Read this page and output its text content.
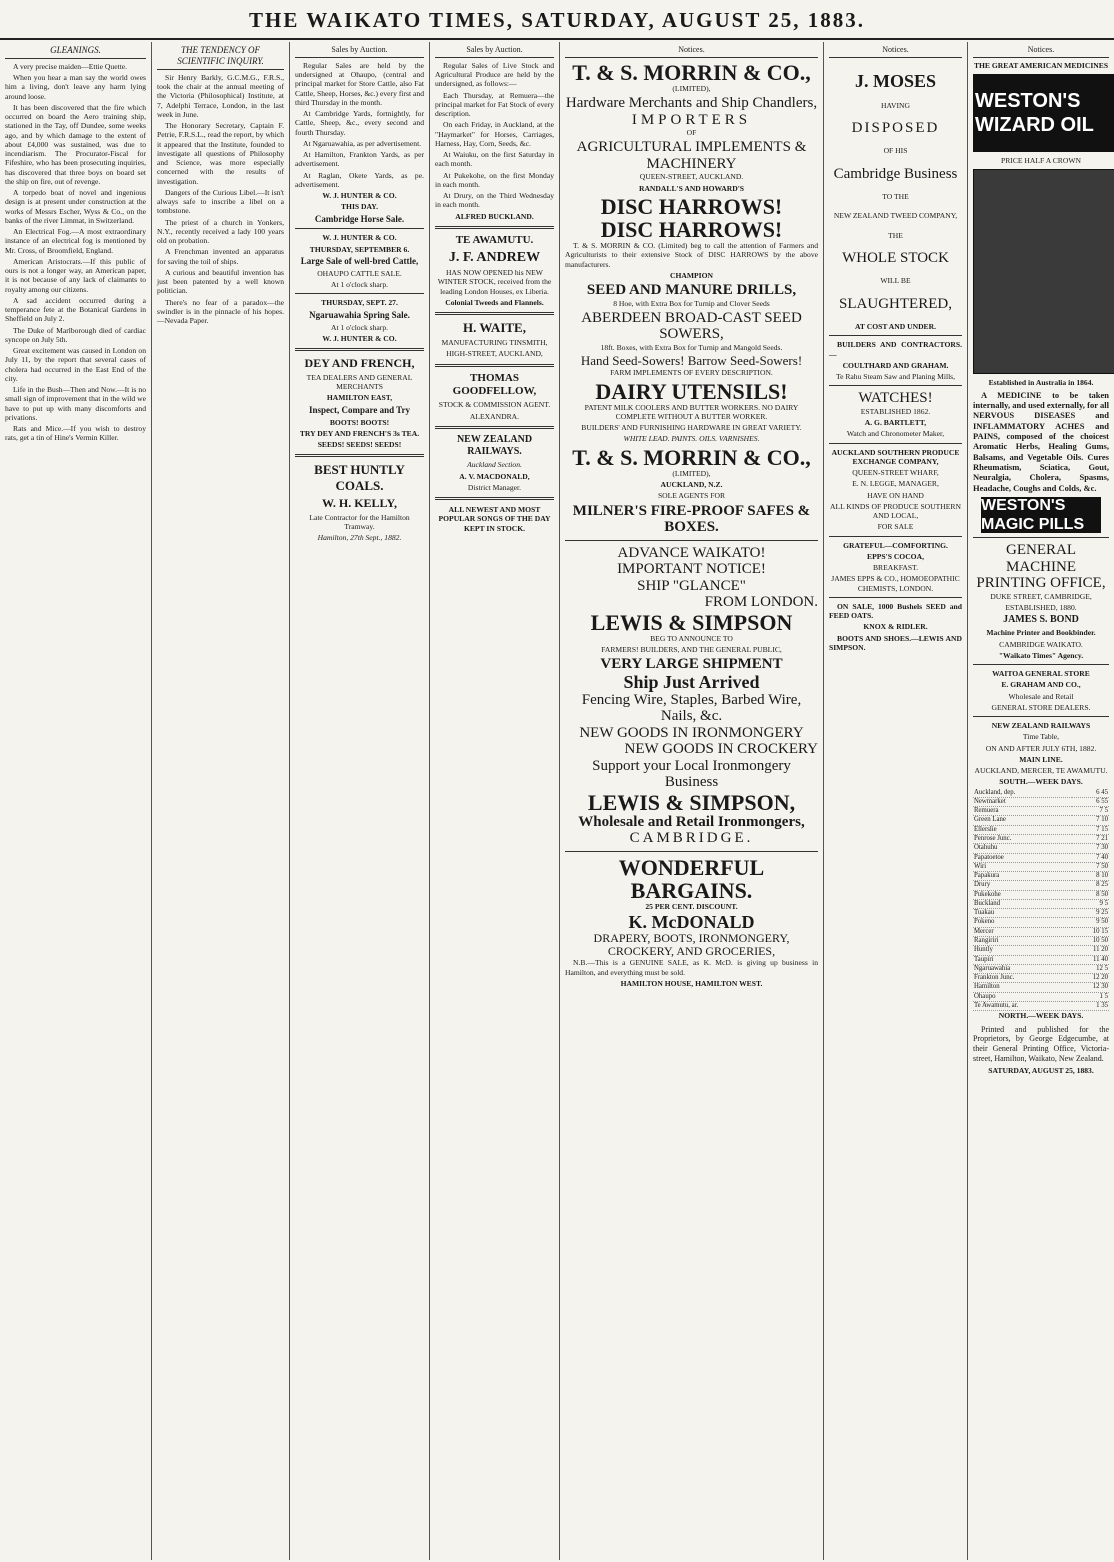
THE WAIKATO TIMES, SATURDAY, AUGUST 25, 1883.
GLEANINGS.

A very precise maiden—Ettie Quette.

When you hear a man say the world owes him a living, don't leave any harm lying around loose.

It has been discovered that the fire which occurred on board the Aero training ship, stationed in the Tay, off Dundee, some weeks ago, and by which damage to the extent of about £4,000 was sustained, was due to incendiarism. The Procurator-Fiscal for Fifeshire, who has been prosecuting inquiries, has discovered that three boys on board set the ship on fire, out of revenge.

A torpedo boat of novel and ingenious design is at present under construction at the works of Messrs Escher, Wyss & Co., on the banks of the river Limmat, in Switzerland.

An Electrical Fog.—A most extraordinary instance of an electrical fog is mentioned by Mr. Cross, of Broomfield, England.

American Aristocrats.—If this public of ours is not a longer way, an American paper, it is not because of any lack of claimants to royalty among our citizens.

A sad accident occurred during a temperance fete at the Botanical Gardens in Sheffield on July 2.

The Duke of Marlborough died of cardiac syncope on July 5th.

Great excitement was caused in London on July 11, by the report that several cases of cholera had occurred in the East End of the city.

Life in the Bush—Then and Now.—It is no small sign of improvement that in the wild we have to put up with many discomforts and privations.

Rats and Mice.—If you wish to destroy rats, get a tin of Hine's Vermin Killer.

THE TENDENCY OF SCIENTIFIC INQUIRY.

Sir Henry Barkly, G.C.M.G., F.R.S., took the chair at the annual meeting of the Victoria (Philosophical) Institute, at 7, Adelphi Terrace, London, in the last week in June.

The Honorary Secretary, Captain F. Petrie, F.R.S.L., read the report, by which it appeared that the Institute, founded to investigate all questions of Philosophy and Science, was more especially concerned with the results of investigation.

Dangers of the Curious Libel.—It isn't always safe to inscribe a libel on a tombstone.

The priest of a church in Yonkers, N.Y., recently received a lady 100 years old on probation.

A Frenchman invented an apparatus for saving the toil of ships.

A curious and beautiful invention has just been patented by a well known politician.

There's no fear of a paradox—the swindler is in the pinnacle of his hopes.—Nevada Paper.

Sales by Auction.

Regular Sales are held by the undersigned at Ohaupo, (central and principal market for Store Cattle, also Fat Cattle, Sheep, Horses, &c.) every first and third Thursday in the month.

At Cambridge Yards, fortnightly, for Cattle, Sheep, &c., every second and fourth Thursday.

At Ngaruawahia, as per advertisement.

At Hamilton, Frankton Yards, as per advertisement.

At Raglan, Okete Yards, as pe. advertisement.

W. J. HUNTER & CO.

THIS DAY.

Cambridge Horse Sale.

W. J. HUNTER & CO.

THURSDAY, SEPTEMBER 6.

Large Sale of well-bred Cattle,

OHAUPO CATTLE SALE.

At 1 o'clock sharp.

THURSDAY, SEPT. 27.

Ngaruawahia Spring Sale.

At 1 o'clock sharp.

W. J. HUNTER & CO.

DEY AND FRENCH,

TEA DEALERS AND GENERAL MERCHANTS

HAMILTON EAST,

Inspect, Compare and Try

BOOTS! BOOTS!

TRY DEY AND FRENCH'S 3s TEA.

SEEDS! SEEDS! SEEDS!

BEST HUNTLY COALS.

W. H. KELLY,

Late Contractor for the Hamilton Tramway.

Hamilton, 27th Sept., 1882.

Sales by Auction.

Regular Sales of Live Stock and Agricultural Produce are held by the undersigned, as follows:—

Each Thursday, at Remuera—the principal market for Fat Stock of every description.

On each Friday, in Auckland, at the "Haymarket" for Horses, Carriages, Harness, Hay, Corn, Seeds, &c.

At Waiuku, on the first Saturday in each month.

At Pukekohe, on the first Monday in each month.

At Drury, on the Third Wednesday in each month.

ALFRED BUCKLAND.

TE AWAMUTU.

J. F. ANDREW

HAS NOW OPENED his NEW WINTER STOCK, received from the leading London Houses, ex Liberia.

Colonial Tweeds and Flannels.

H. WAITE,

MANUFACTURING TINSMITH,

HIGH-STREET, AUCKLAND,

THOMAS GOODFELLOW,

STOCK & COMMISSION AGENT.

ALEXANDRA.

NEW ZEALAND RAILWAYS.

Auckland Section.

A. V. MACDONALD,

District Manager.

ALL NEWEST AND MOST POPULAR SONGS OF THE DAY KEPT IN STOCK.

Notices.
T. & S. MORRIN & CO.,

(LIMITED),

Hardware Merchants and Ship Chandlers,
IMPORTERS

OF

AGRICULTURAL IMPLEMENTS & MACHINERY

QUEEN-STREET, AUCKLAND.

RANDALL'S AND HOWARD'S

DISC HARROWS!
DISC HARROWS!

T. & S. MORRIN & CO. (Limited) beg to call the attention of Farmers and Agriculturists to their extensive Stock of DISC HARROWS by the above manufacturers.

CHAMPION

SEED AND MANURE DRILLS,

8 Hoe, with Extra Box for Turnip and Clover Seeds

ABERDEEN BROAD-CAST SEED SOWERS,

18ft. Boxes, with Extra Box for Turnip and Mangold Seeds.

Hand Seed-Sowers! Barrow Seed-Sowers!

FARM IMPLEMENTS OF EVERY DESCRIPTION.

DAIRY UTENSILS!

PATENT MILK COOLERS AND BUTTER WORKERS. NO DAIRY COMPLETE WITHOUT A BUTTER WORKER.

BUILDERS' AND FURNISHING HARDWARE IN GREAT VARIETY.

WHITE LEAD. PAINTS. OILS. VARNISHES.

T. & S. MORRIN & CO.,

(LIMITED),

AUCKLAND, N.Z.

SOLE AGENTS FOR

MILNER'S FIRE-PROOF SAFES & BOXES.
ADVANCE WAIKATO!
IMPORTANT NOTICE!
SHIP "GLANCE"
FROM LONDON.
LEWIS & SIMPSON

BEG TO ANNOUNCE TO

FARMERS! BUILDERS, AND THE GENERAL PUBLIC,

VERY LARGE SHIPMENT
Ship Just Arrived
Fencing Wire, Staples, Barbed Wire, Nails, &c.
NEW GOODS IN IRONMONGERY
NEW GOODS IN CROCKERY
Support your Local Ironmongery Business
LEWIS & SIMPSON,
Wholesale and Retail Ironmongers,
CAMBRIDGE.
WONDERFUL BARGAINS.

25 PER CENT. DISCOUNT.

K. McDONALD
DRAPERY, BOOTS, IRONMONGERY, CROCKERY, AND GROCERIES,

N.B.—This is a GENUINE SALE, as K. McD. is giving up business in Hamilton, and everything must be sold.

HAMILTON HOUSE, HAMILTON WEST.

Notices.
J. MOSES

HAVING

DISPOSED

OF HIS

Cambridge Business

TO THE

NEW ZEALAND TWEED COMPANY,

THE

WHOLE STOCK

WILL BE

SLAUGHTERED,

AT COST AND UNDER.

BUILDERS AND CONTRACTORS.—

COULTHARD AND GRAHAM.

Te Rahu Steam Saw and Planing Mills,

WATCHES!

ESTABLISHED 1862.

A. G. BARTLETT,

Watch and Chronometer Maker,

AUCKLAND SOUTHERN PRODUCE EXCHANGE COMPANY,

QUEEN-STREET WHARF,

E. N. LEGGE, MANAGER,

HAVE ON HAND

ALL KINDS OF PRODUCE SOUTHERN AND LOCAL,

FOR SALE

GRATEFUL—COMFORTING.

EPPS'S COCOA,

BREAKFAST.

JAMES EPPS & CO., HOMOEOPATHIC CHEMISTS, LONDON.

ON SALE, 1000 Bushels SEED and FEED OATS.

KNOX & RIDLER.

BOOTS AND SHOES.—LEWIS AND SIMPSON.

Notices.

THE GREAT AMERICAN MEDICINES

WESTON'S WIZARD OIL

PRICE HALF A CROWN

Established in Australia in 1864.

A MEDICINE to be taken internally, and used externally, for all NERVOUS DISEASES and INFLAMMATORY ACHES and PAINS, composed of the choicest Aromatic Herbs, Healing Gums, Balsams, and Vegetable Oils. Cures Rheumatism, Sciatica, Gout, Neuralgia, Cholera, Spasms, Headache, Coughs and Colds, &c.

WESTON'S MAGIC PILLS
GENERAL MACHINE PRINTING OFFICE,

DUKE STREET, CAMBRIDGE,

ESTABLISHED, 1880.

JAMES S. BOND

Machine Printer and Bookbinder.

CAMBRIDGE WAIKATO.

"Waikato Times" Agency.

WAITOA GENERAL STORE

E. GRAHAM AND CO.,

Wholesale and Retail

GENERAL STORE DEALERS.

NEW ZEALAND RAILWAYS

Time Table,

ON AND AFTER JULY 6TH, 1882.

MAIN LINE.

AUCKLAND, MERCER, TE AWAMUTU.

SOUTH.—WEEK DAYS.

Auckland, dep.	6 45
Newmarket	6 55
Remuera	7 5
Green Lane	7 10
Ellerslie	7 15
Penrose Junc.	7 21
Otahuhu	7 30
Papatoetoe	7 40
Wiri	7 50
Papakura	8 10
Drury	8 25
Pukekohe	8 50
Buckland	9 5
Tuakau	9 25
Pokeno	9 50
Mercer	10 15
Rangiriri	10 50
Huntly	11 20
Taupiri	11 40
Ngaruawahia	12 5
Frankton Junc.	12 20
Hamilton	12 30
Ohaupo	1 5
Te Awamutu, ar.	1 35

NORTH.—WEEK DAYS.

Printed and published for the Proprietors, by George Edgecumbe, at their General Printing Office, Victoria-street, Hamilton, Waikato, New Zealand.

SATURDAY, AUGUST 25, 1883.
